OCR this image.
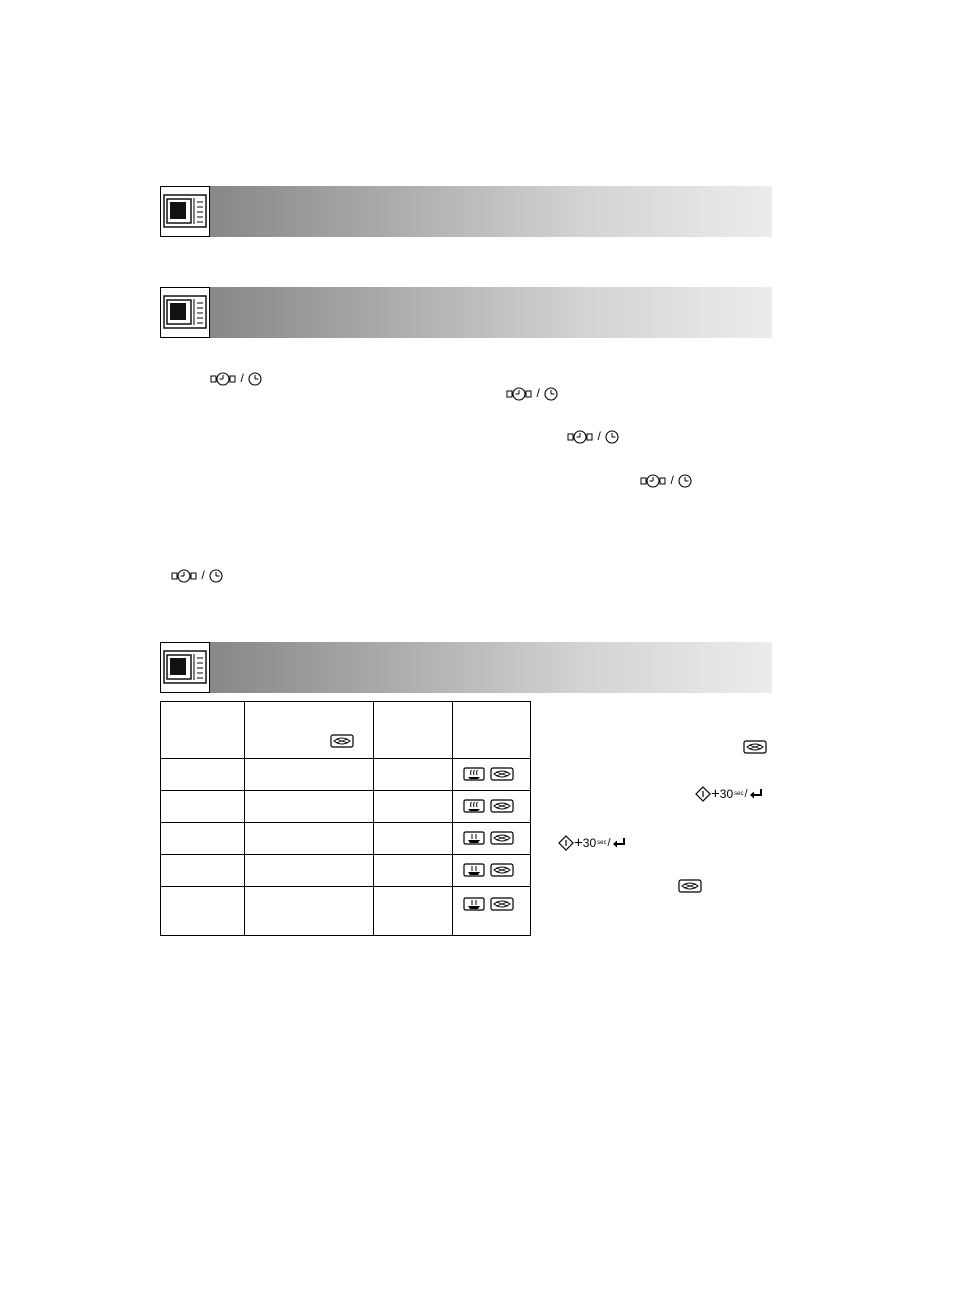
/
/
/
/
/

+30sec/
+30sec/
